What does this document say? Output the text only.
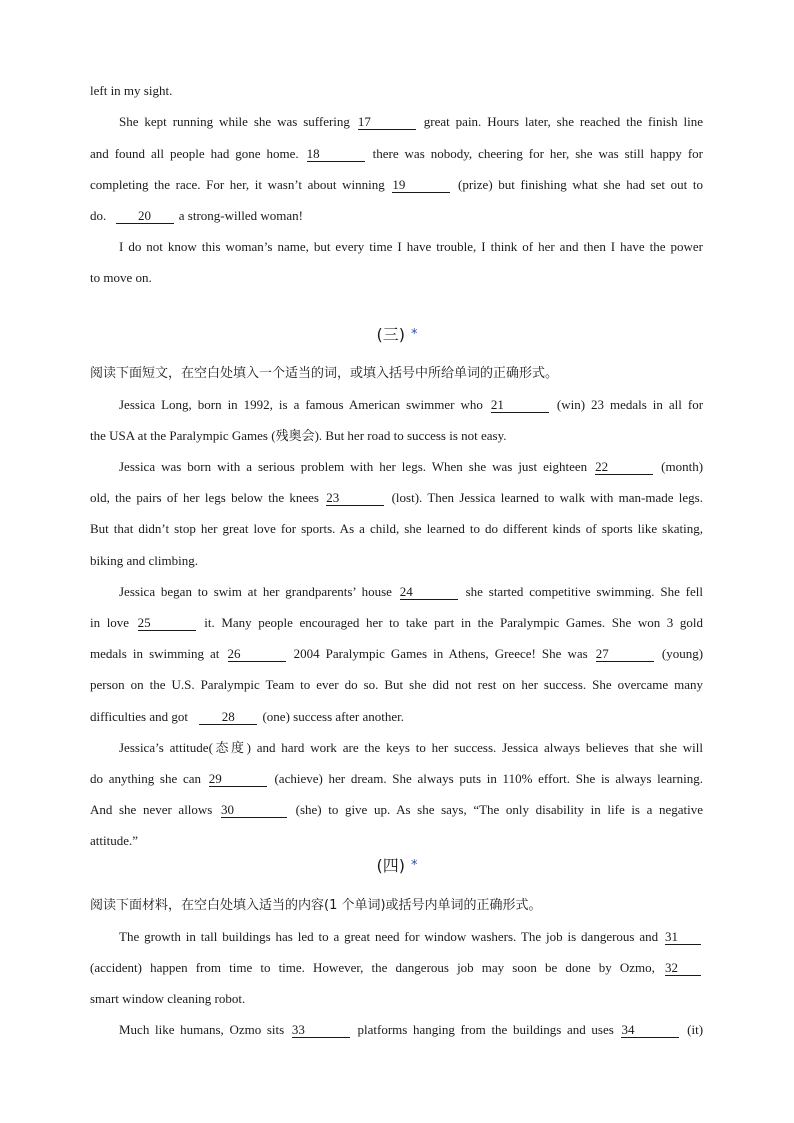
left in my sight.
She kept running while she was suffering 17	great pain. Hours later, she reached the finish line
and found all people had gone home. 18	there was nobody, cheering for her, she was still happy for
completing the race. For her, it wasn’t about winning 19	(prize) but finishing what she had set out to
do. 20 a strong-willed woman!
I do not know this woman’s name, but every time I have trouble, I think of her and then I have the power
to move on.
(三) *
阅读下面短文，在空白处填入一个适当的词，或填入括号中所给单词的正确形式。
Jessica Long, born in 1992, is a famous American swimmer who 21	(win) 23 medals in all for
the USA at the Paralympic Games (残奥会). But her road to success is not easy.
Jessica was born with a serious problem with her legs. When she was just eighteen 22	(month)
old, the pairs of her legs below the knees 23	(lost). Then Jessica learned to walk with man-made legs.
But that didn’t stop her great love for sports. As a child, she learned to do different kinds of sports like skating,
biking and climbing.
Jessica began to swim at her grandparents’ house 24	she started competitive swimming. She fell
in love 25	it. Many people encouraged her to take part in the Paralympic Games. She won 3 gold
medals in swimming at 26	2004 Paralympic Games in Athens, Greece! She was 27	(young)
person on the U.S. Paralympic Team to ever do so. But she did not rest on her success. She overcame many
difficulties and got	28 (one) success after another.
Jessica’s attitude(态度) and hard work are the keys to her success. Jessica always believes that she will
do anything she can 29	(achieve) her dream. She always puts in 110% effort. She is always learning.
And she never allows 30	(she) to give up. As she says, “The only disability in life is a negative
attitude.”
(四) *
阅读下面材料，在空白处填入适当的内容(1 个单词)或括号内单词的正确形式。
The growth in tall buildings has led to a great need for window washers. The job is dangerous and 31
(accident) happen from time to time. However, the dangerous job may soon be done by Ozmo, 32
smart window cleaning robot.
Much like humans, Ozmo sits 33	platforms hanging from the buildings and uses 34	(it)
